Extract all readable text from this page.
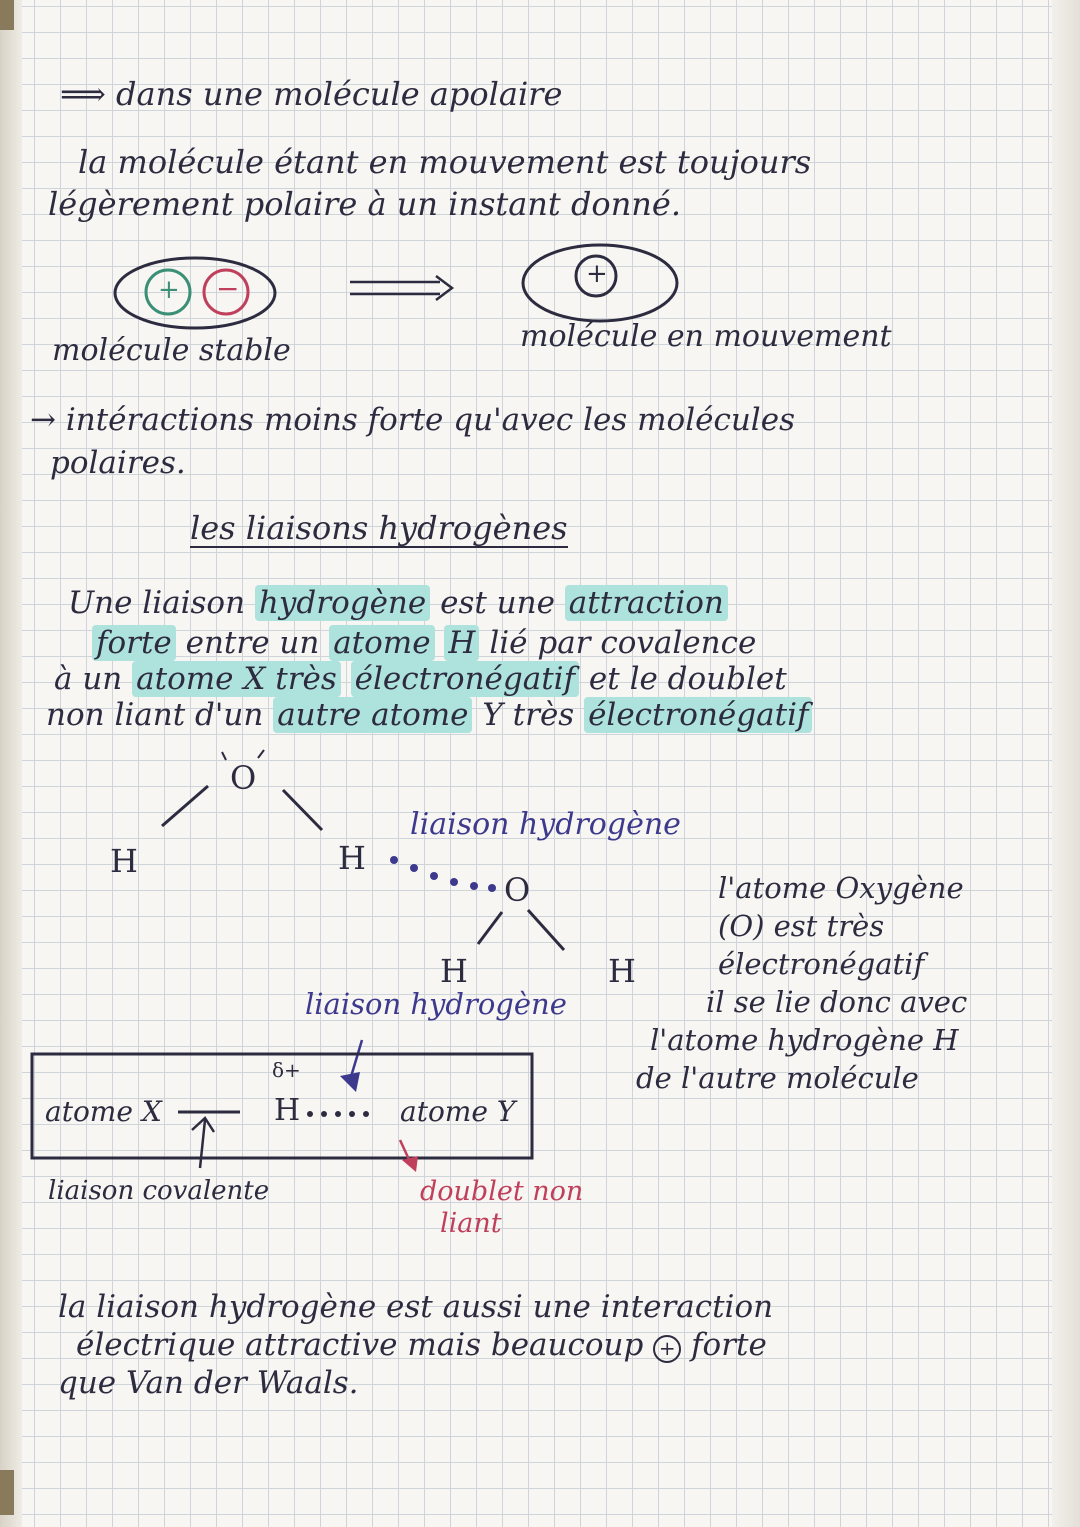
⟹ dans une molécule apolaire
la molécule étant en mouvement est toujours
légèrement polaire à un instant donné.
+ −	+
molécule stable	molécule en mouvement
→ intéractions moins forte qu'avec les molécules
polaires.
les liaisons hydrogènes
Une liaison hydrogène est une attraction
forte entre un atome H lié par covalence
à un atome X très électronégatif et le doublet
non liant d'un autre atome Y très électronégatif
O
H	H
liaison hydrogène
O
H	H
liaison hydrogène
l'atome Oxygène
(O) est très
électronégatif
il se lie donc avec
l'atome hydrogène H
de l'autre molécule
atome X
δ+
H	atome Y
liaison covalente	doublet non
liant
la liaison hydrogène est aussi une interaction
électrique attractive mais beaucoup + forte
que Van der Waals.
